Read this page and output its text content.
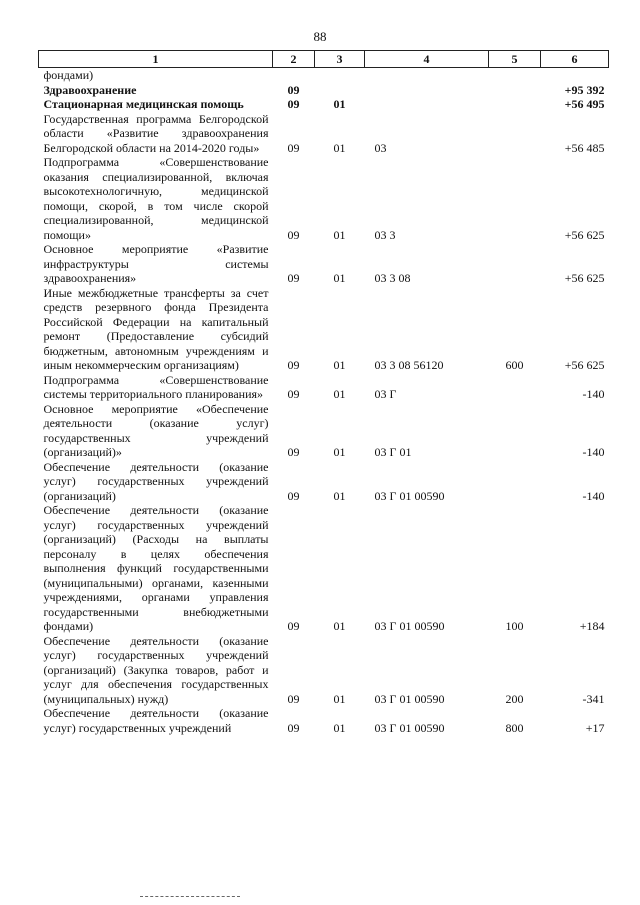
88
1	2	3	4	5	6
фондами)					
Здравоохранение	09				+95 392
Стационарная медицинская помощь	09	01			+56 495
Государственная программа Белгородской области «Развитие здравоохранения Белгородской области на 2014-2020 годы»	09	01	03		+56 485
Подпрограмма «Совершенствование оказания специализированной, включая высокотехнологичную, медицинской помощи, скорой, в том числе скорой специализированной, медицинской помощи»	09	01	03 3		+56 625
Основное мероприятие «Развитие инфраструктуры системы здравоохранения»	09	01	03 3 08		+56 625
Иные межбюджетные трансферты за счет средств резервного фонда Президента Российской Федерации на капитальный ремонт (Предоставление субсидий бюджетным, автономным учреждениям и иным некоммерческим организациям)	09	01	03 3 08 56120	600	+56 625
Подпрограмма «Совершенствование системы территориального планирования»	09	01	03 Г		-140
Основное мероприятие «Обеспечение деятельности (оказание услуг) государственных учреждений (организаций)»	09	01	03 Г 01		-140
Обеспечение деятельности (оказание услуг) государственных учреждений (организаций)	09	01	03 Г 01 00590		-140
Обеспечение деятельности (оказание услуг) государственных учреждений (организаций) (Расходы на выплаты персоналу в целях обеспечения выполнения функций государственными (муниципальными) органами, казенными учреждениями, органами управления государственными внебюджетными фондами)	09	01	03 Г 01 00590	100	+184
Обеспечение деятельности (оказание услуг) государственных учреждений (организаций) (Закупка товаров, работ и услуг для обеспечения государственных (муниципальных) нужд)	09	01	03 Г 01 00590	200	-341
Обеспечение деятельности (оказание услуг) государственных учреждений	09	01	03 Г 01 00590	800	+17
